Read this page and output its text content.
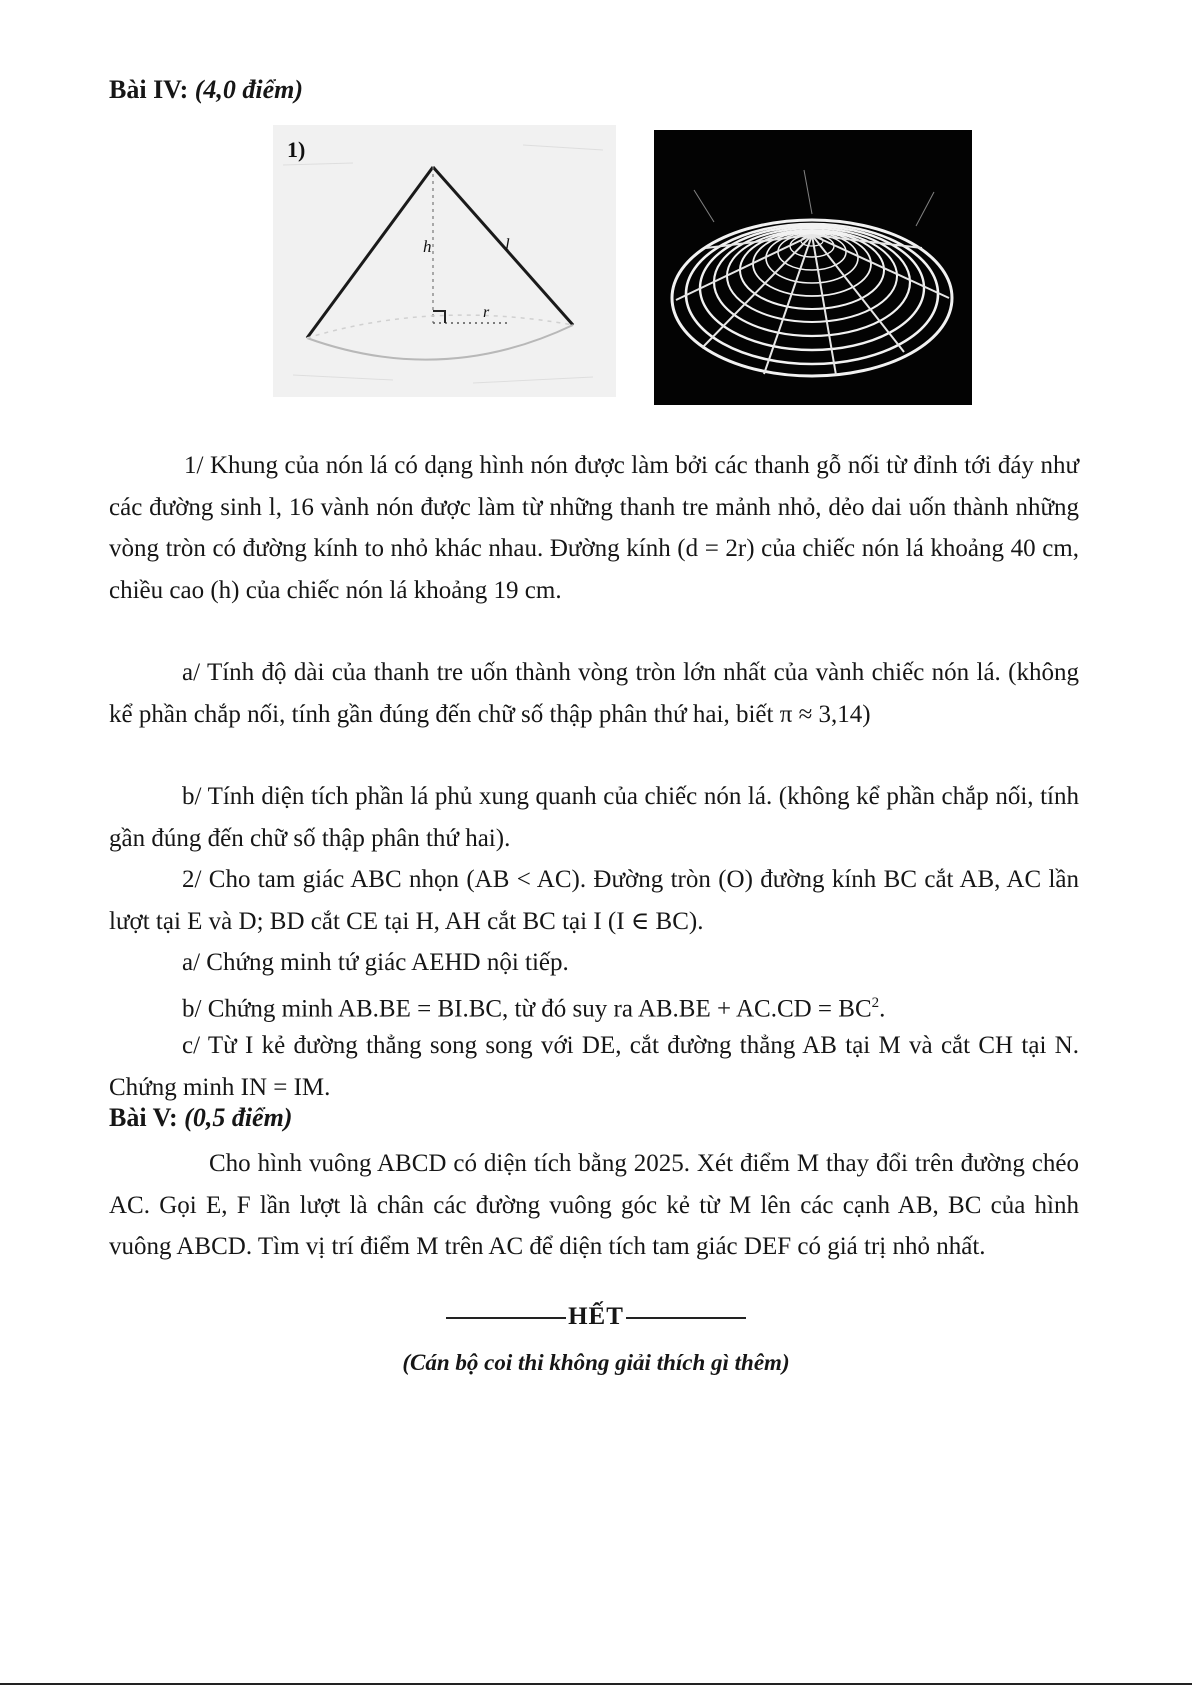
Bài IV: (4,0 điểm)
1)
h	l
r

1/ Khung của nón lá có dạng hình nón được làm bởi các thanh gỗ nối từ đỉnh tới đáy như các đường sinh l, 16 vành nón được làm từ những thanh tre mảnh nhỏ, dẻo dai uốn thành những vòng tròn có đường kính to nhỏ khác nhau. Đường kính (d = 2r) của chiếc nón lá khoảng 40 cm, chiều cao (h) của chiếc nón lá khoảng 19 cm.

a/ Tính độ dài của thanh tre uốn thành vòng tròn lớn nhất của vành chiếc nón lá. (không kể phần chắp nối, tính gần đúng đến chữ số thập phân thứ hai, biết π ≈ 3,14)

b/ Tính diện tích phần lá phủ xung quanh của chiếc nón lá. (không kể phần chắp nối, tính gần đúng đến chữ số thập phân thứ hai).

2/ Cho tam giác ABC nhọn (AB < AC). Đường tròn (O) đường kính BC cắt AB, AC lần lượt tại E và D; BD cắt CE tại H, AH cắt BC tại I (I ∈ BC).

a/ Chứng minh tứ giác AEHD nội tiếp.

b/ Chứng minh AB.BE = BI.BC, từ đó suy ra $AB.BE + AC.CD = BC^2$.

c/ Từ I kẻ đường thẳng song song với DE, cắt đường thẳng AB tại M và cắt CH tại N. Chứng minh IN = IM.

Bài V: (0,5 điểm)

Cho hình vuông ABCD có diện tích bằng 2025. Xét điểm M thay đổi trên đường chéo AC. Gọi E, F lần lượt là chân các đường vuông góc kẻ từ M lên các cạnh AB, BC của hình vuông ABCD. Tìm vị trí điểm M trên AC để diện tích tam giác DEF có giá trị nhỏ nhất.

HẾT
(Cán bộ coi thi không giải thích gì thêm)
